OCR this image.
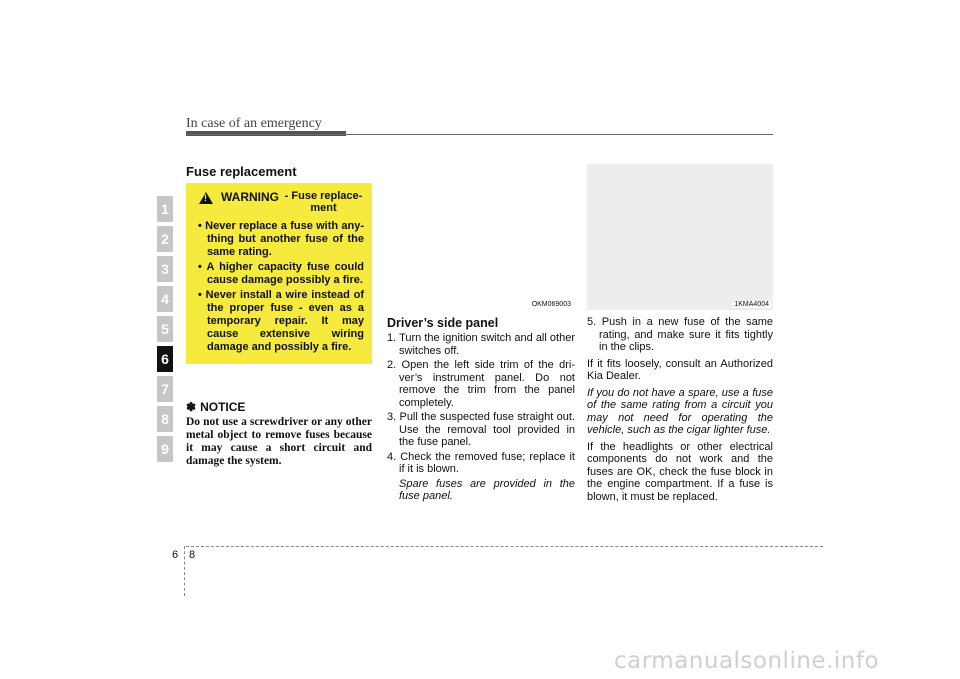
In case of an emergency
1
2
3
4
5
6
7
8
9
Fuse replacement
!
WARNING - Fuse replace-ment
• Never replace a fuse with any-thing but another fuse of the same rating.
• A higher capacity fuse could cause damage possibly a fire.
• Never install a wire instead of the proper fuse - even as a temporary repair. It may cause extensive wiring damage and possibly a fire.
✽ NOTICE
Do not use a screwdriver or any other metal object to remove fuses because it may cause a short circuit and damage the system.
OKM069003
Driver’s side panel
1. Turn the ignition switch and all other switches off.
2. Open the left side trim of the dri-ver’s instrument panel. Do not remove the trim from the panel completely.
3. Pull the suspected fuse straight out. Use the removal tool provided in the fuse panel.
4. Check the removed fuse; replace it if it is blown.
Spare fuses are provided in the fuse panel.
1KMA4004
5. Push in a new fuse of the same rating, and make sure it fits tightly in the clips.

If it fits loosely, consult an Authorized Kia Dealer.

If you do not have a spare, use a fuse of the same rating from a circuit you may not need for operating the vehicle, such as the cigar lighter fuse.

If the headlights or other electrical components do not work and the fuses are OK, check the fuse block in the engine compartment. If a fuse is blown, it must be replaced.

6 8
carmanualsonline.info
